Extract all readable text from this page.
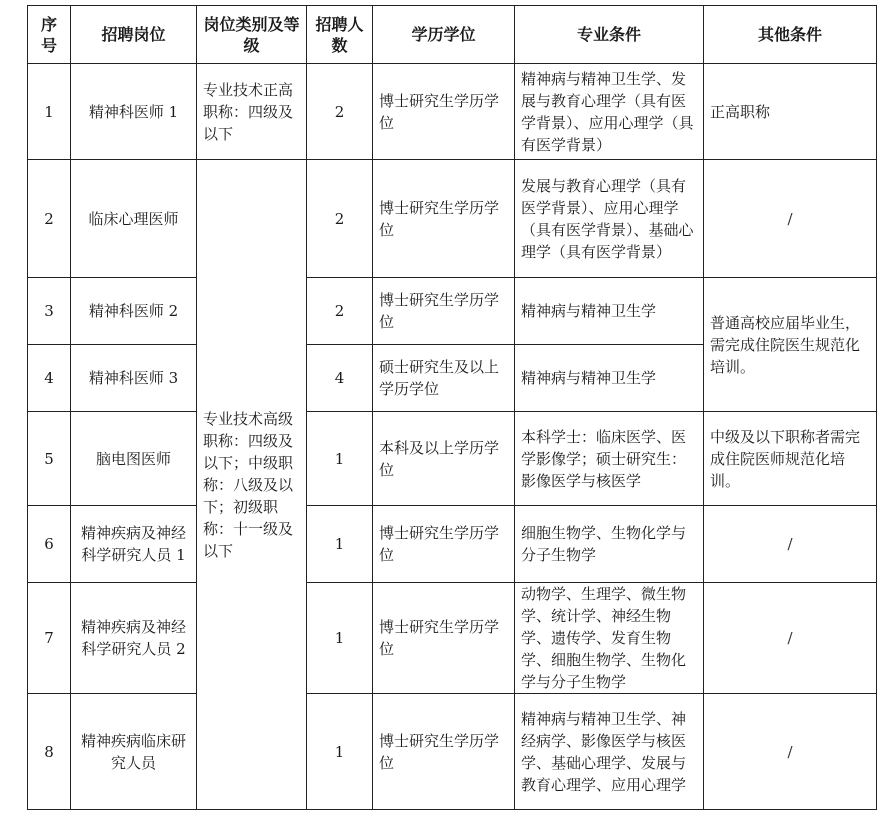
序号	招聘岗位	岗位类别及等级	招聘人数	学历学位	专业条件	其他条件
1	精神科医师 1	专业技术正高职称：四级及以下	2	博士研究生学历学位	精神病与精神卫生学、发展与教育心理学（具有医学背景）、应用心理学（具有医学背景）	正高职称
2	临床心理医师	专业技术高级职称：四级及以下；中级职称：八级及以下；初级职称：十一级及以下	2	博士研究生学历学位	发展与教育心理学（具有医学背景）、应用心理学（具有医学背景）、基础心理学（具有医学背景）	/
3	精神科医师 2		2	博士研究生学历学位	精神病与精神卫生学	普通高校应届毕业生，需完成住院医生规范化培训。
4	精神科医师 3		4	硕士研究生及以上学历学位	精神病与精神卫生学	
5	脑电图医师		1	本科及以上学历学位	本科学士：临床医学、医学影像学；硕士研究生：影像医学与核医学	中级及以下职称者需完成住院医师规范化培训。
6	精神疾病及神经科学研究人员 1		1	博士研究生学历学位	细胞生物学、生物化学与分子生物学	/
7	精神疾病及神经科学研究人员 2		1	博士研究生学历学位	动物学、生理学、微生物学、统计学、神经生物学、遗传学、发育生物学、细胞生物学、生物化学与分子生物学	/
8	精神疾病临床研究人员		1	博士研究生学历学位	精神病与精神卫生学、神经病学、影像医学与核医学、基础心理学、发展与教育心理学、应用心理学	/
